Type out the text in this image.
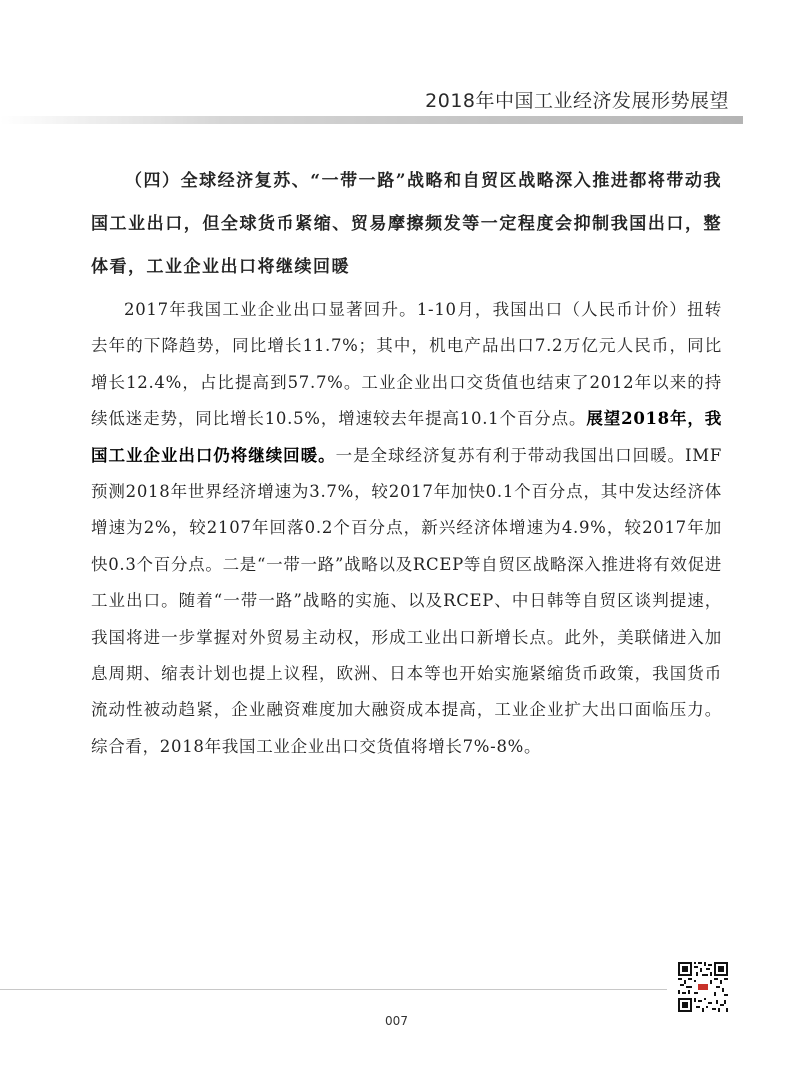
2018年中国工业经济发展形势展望

（四）全球经济复苏、“一带一路”战略和自贸区战略深入推进都将带动我国工业出口，但全球货币紧缩、贸易摩擦频发等一定程度会抑制我国出口，整体看，工业企业出口将继续回暖

2017年我国工业企业出口显著回升。1-10月，我国出口（人民币计价）扭转去年的下降趋势，同比增长11.7%；其中，机电产品出口7.2万亿元人民币，同比增长12.4%，占比提高到57.7%。工业企业出口交货值也结束了2012年以来的持续低迷走势，同比增长10.5%，增速较去年提高10.1个百分点。展望2018年，我国工业企业出口仍将继续回暖。一是全球经济复苏有利于带动我国出口回暖。IMF预测2018年世界经济增速为3.7%，较2017年加快0.1个百分点，其中发达经济体增速为2%，较2107年回落0.2个百分点，新兴经济体增速为4.9%，较2017年加快0.3个百分点。二是“一带一路”战略以及RCEP等自贸区战略深入推进将有效促进工业出口。随着“一带一路”战略的实施、以及RCEP、中日韩等自贸区谈判提速，我国将进一步掌握对外贸易主动权，形成工业出口新增长点。此外，美联储进入加息周期、缩表计划也提上议程，欧洲、日本等也开始实施紧缩货币政策，我国货币流动性被动趋紧，企业融资难度加大融资成本提高，工业企业扩大出口面临压力。综合看，2018年我国工业企业出口交货值将增长7%-8%。

007
